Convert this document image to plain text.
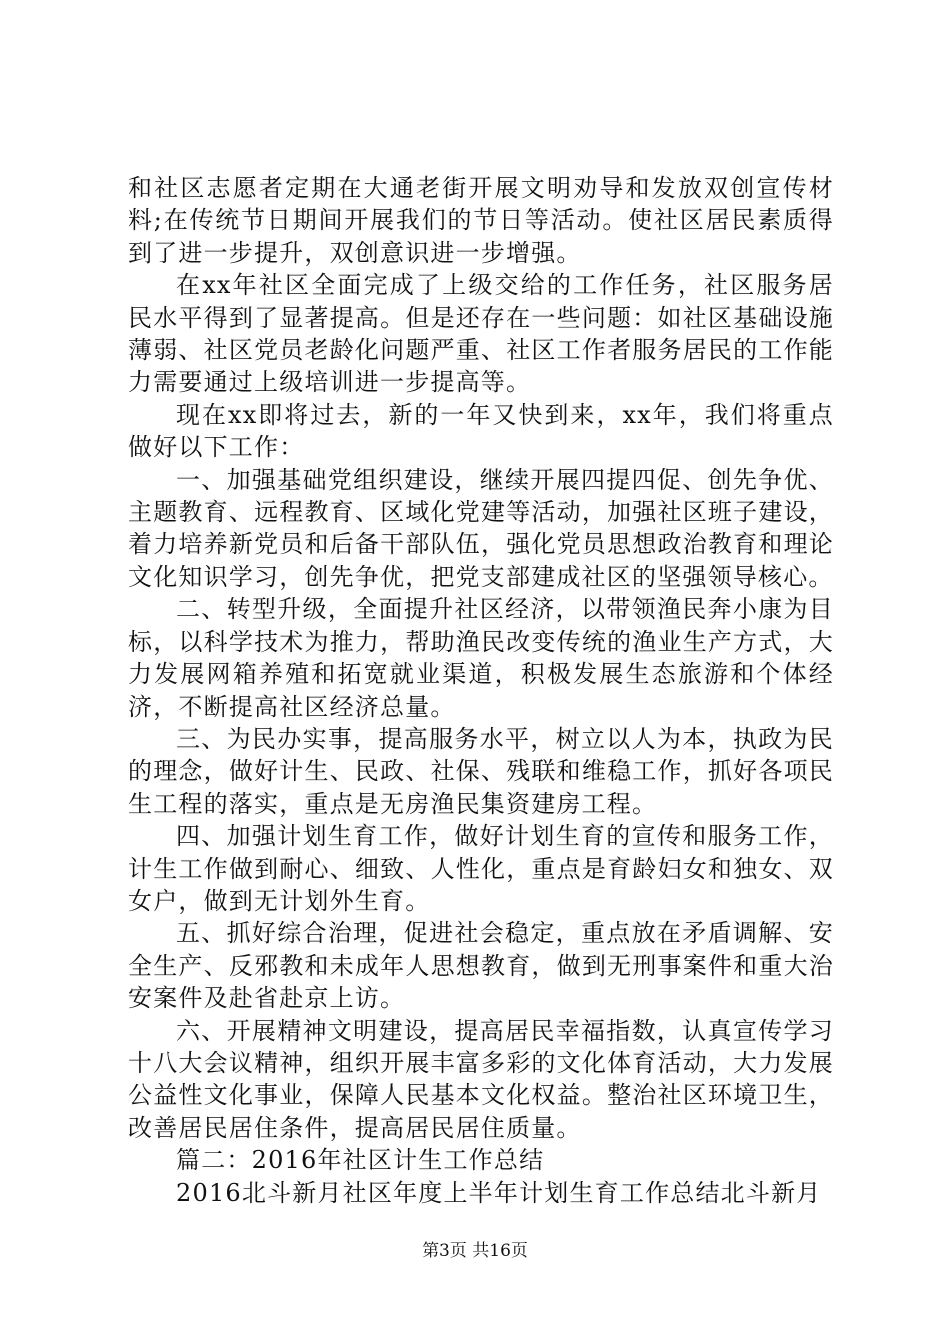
和社区志愿者定期在大通老街开展文明劝导和发放双创宣传材料;在传统节日期间开展我们的节日等活动。使社区居民素质得到了进一步提升，双创意识进一步增强。

在xx年社区全面完成了上级交给的工作任务，社区服务居民水平得到了显著提高。但是还存在一些问题：如社区基础设施薄弱、社区党员老龄化问题严重、社区工作者服务居民的工作能力需要通过上级培训进一步提高等。

现在xx即将过去，新的一年又快到来，xx年，我们将重点做好以下工作：

一、加强基础党组织建设，继续开展四提四促、创先争优、主题教育、远程教育、区域化党建等活动，加强社区班子建设，着力培养新党员和后备干部队伍，强化党员思想政治教育和理论文化知识学习，创先争优，把党支部建成社区的坚强领导核心。

二、转型升级，全面提升社区经济，以带领渔民奔小康为目标，以科学技术为推力，帮助渔民改变传统的渔业生产方式，大力发展网箱养殖和拓宽就业渠道，积极发展生态旅游和个体经济，不断提高社区经济总量。

三、为民办实事，提高服务水平，树立以人为本，执政为民的理念，做好计生、民政、社保、残联和维稳工作，抓好各项民生工程的落实，重点是无房渔民集资建房工程。

四、加强计划生育工作，做好计划生育的宣传和服务工作，计生工作做到耐心、细致、人性化，重点是育龄妇女和独女、双女户，做到无计划外生育。

五、抓好综合治理，促进社会稳定，重点放在矛盾调解、安全生产、反邪教和未成年人思想教育，做到无刑事案件和重大治安案件及赴省赴京上访。

六、开展精神文明建设，提高居民幸福指数，认真宣传学习十八大会议精神，组织开展丰富多彩的文化体育活动，大力发展公益性文化事业，保障人民基本文化权益。整治社区环境卫生，改善居民居住条件，提高居民居住质量。

篇二：2016年社区计生工作总结

2016北斗新月社区年度上半年计划生育工作总结北斗新月

第3页 共16页
